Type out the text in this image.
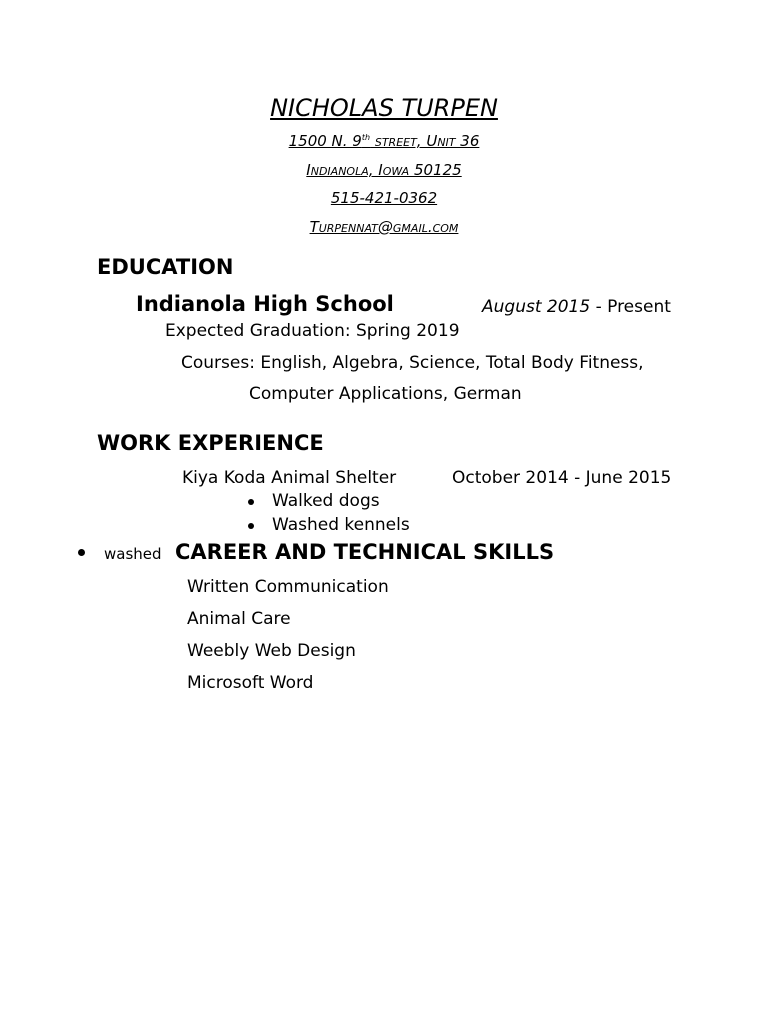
NICHOLAS TURPEN
1500 N. 9th street, Unit 36
Indianola, Iowa 50125
515-421-0362
Turpennat@gmail.com
EDUCATION
Indianola High School	August 2015 - Present
Expected Graduation: Spring 2019
Courses: English, Algebra, Science, Total Body Fitness,
Computer Applications, German
WORK EXPERIENCE
Kiya Koda Animal Shelter	October 2014 - June 2015
Walked dogs
Washed kennels
washed CAREER AND TECHNICAL SKILLS
Written Communication
Animal Care
Weebly Web Design
Microsoft Word
